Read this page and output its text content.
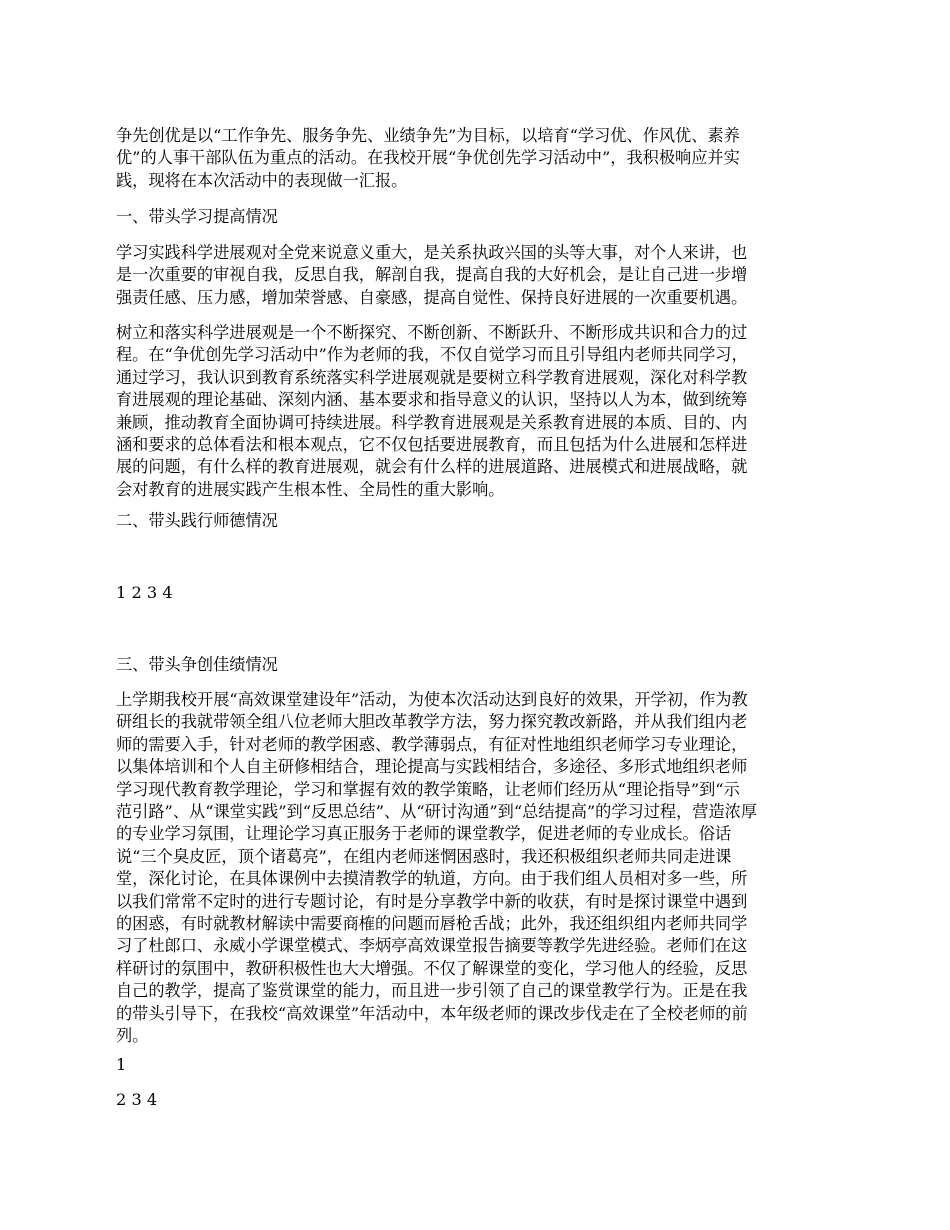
争先创优是以“工作争先、服务争先、业绩争先”为目标，以培育“学习优、作风优、素养
优”的人事干部队伍为重点的活动。在我校开展“争优创先学习活动中”，我积极响应并实
践，现将在本次活动中的表现做一汇报。

一、带头学习提高情况

学习实践科学进展观对全党来说意义重大，是关系执政兴国的头等大事，对个人来讲，也
是一次重要的审视自我，反思自我，解剖自我，提高自我的大好机会，是让自己进一步增
强责任感、压力感，增加荣誉感、自豪感，提高自觉性、保持良好进展的一次重要机遇。

树立和落实科学进展观是一个不断探究、不断创新、不断跃升、不断形成共识和合力的过
程。在“争优创先学习活动中”作为老师的我，不仅自觉学习而且引导组内老师共同学习，
通过学习，我认识到教育系统落实科学进展观就是要树立科学教育进展观，深化对科学教
育进展观的理论基础、深刻内涵、基本要求和指导意义的认识，坚持以人为本，做到统筹
兼顾，推动教育全面协调可持续进展。科学教育进展观是关系教育进展的本质、目的、内
涵和要求的总体看法和根本观点，它不仅包括要进展教育，而且包括为什么进展和怎样进
展的问题，有什么样的教育进展观，就会有什么样的进展道路、进展模式和进展战略，就
会对教育的进展实践产生根本性、全局性的重大影响。

二、带头践行师德情况

1 2 3 4

三、带头争创佳绩情况

上学期我校开展“高效课堂建设年”活动，为使本次活动达到良好的效果，开学初，作为教
研组长的我就带领全组八位老师大胆改革教学方法，努力探究教改新路，并从我们组内老
师的需要入手，针对老师的教学困惑、教学薄弱点，有征对性地组织老师学习专业理论，
以集体培训和个人自主研修相结合，理论提高与实践相结合，多途径、多形式地组织老师
学习现代教育教学理论，学习和掌握有效的教学策略，让老师们经历从“理论指导”到“示
范引路”、从“课堂实践”到“反思总结”、从“研讨沟通”到“总结提高”的学习过程，营造浓厚
的专业学习氛围，让理论学习真正服务于老师的课堂教学，促进老师的专业成长。俗话
说“三个臭皮匠，顶个诸葛亮”，在组内老师迷惘困惑时，我还积极组织老师共同走进课
堂，深化讨论，在具体课例中去摸清教学的轨道，方向。由于我们组人员相对多一些，所
以我们常常不定时的进行专题讨论，有时是分享教学中新的收获，有时是探讨课堂中遇到
的困惑，有时就教材解读中需要商榷的问题而唇枪舌战；此外，我还组织组内老师共同学
习了杜郎口、永威小学课堂模式、李炳亭高效课堂报告摘要等教学先进经验。老师们在这
样研讨的氛围中，教研积极性也大大增强。不仅了解课堂的变化，学习他人的经验，反思
自己的教学，提高了鉴赏课堂的能力，而且进一步引领了自己的课堂教学行为。正是在我
的带头引导下，在我校“高效课堂”年活动中，本年级老师的课改步伐走在了全校老师的前
列。

1

2 3 4
